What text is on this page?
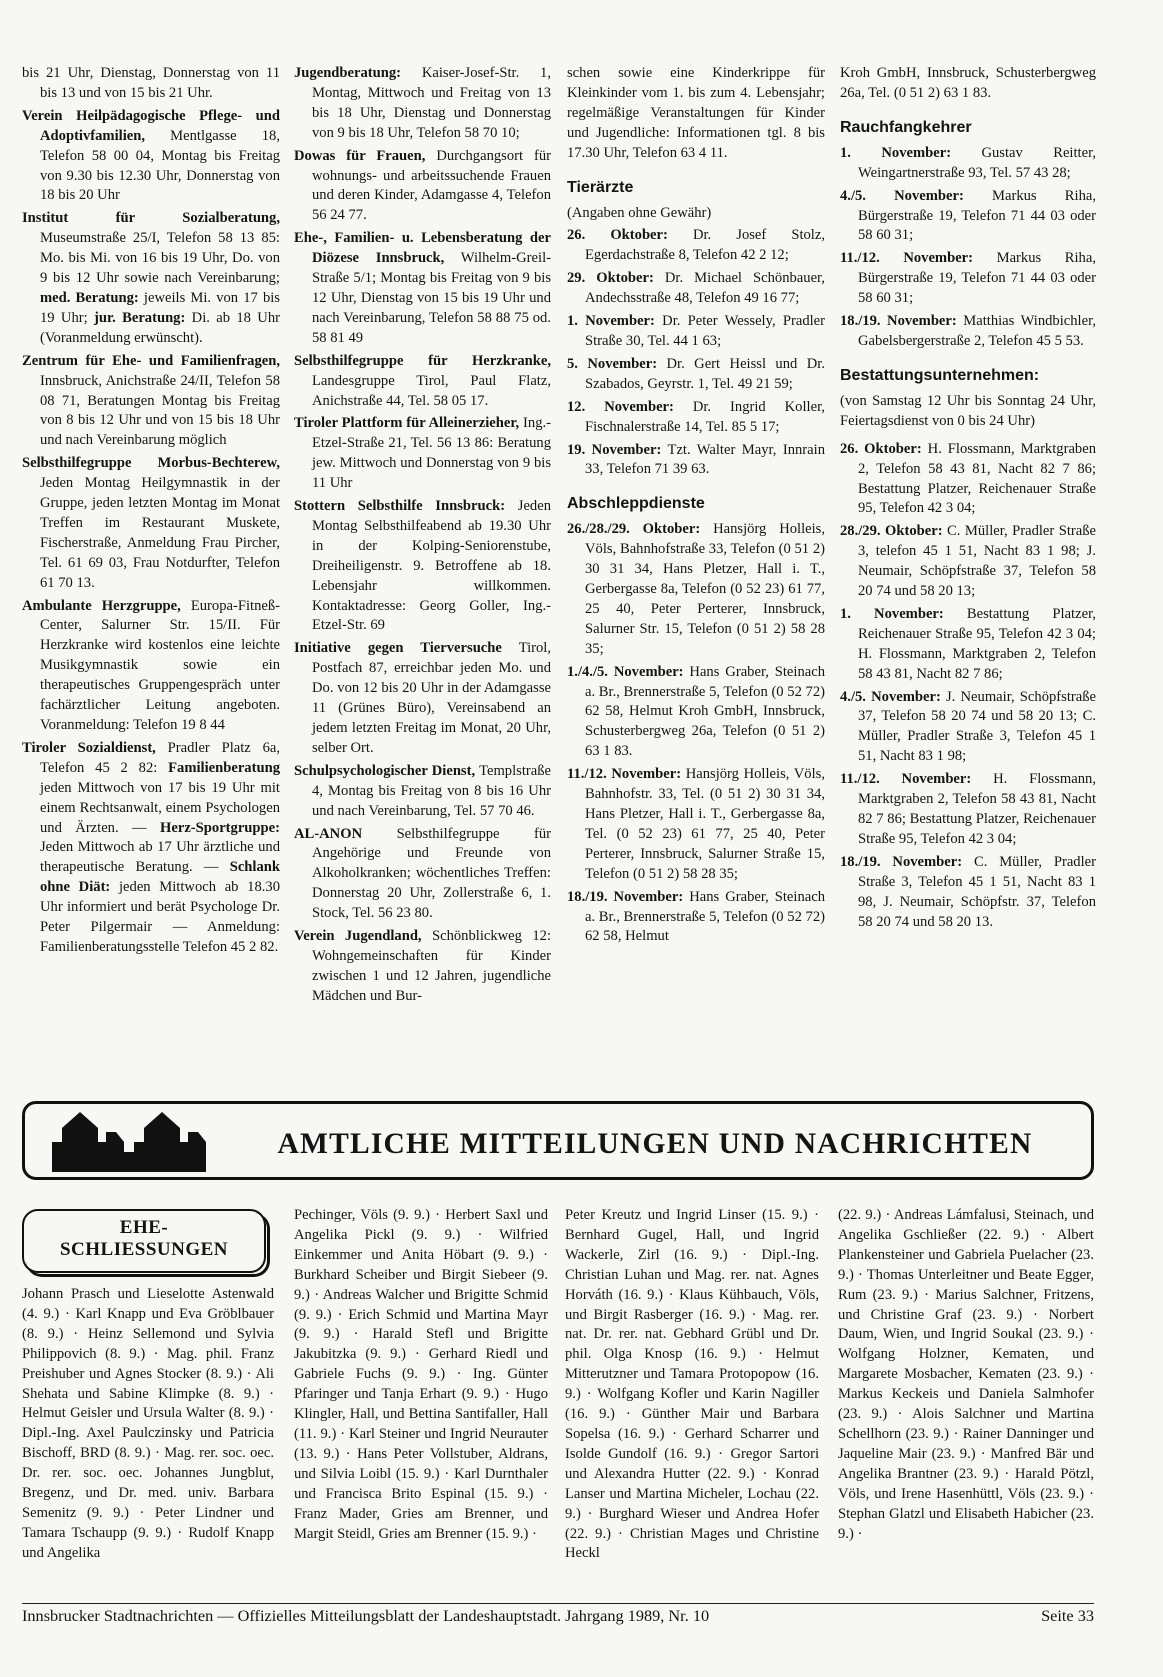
bis 21 Uhr, Dienstag, Donnerstag von 11 bis 13 und von 15 bis 21 Uhr.

Verein Heilpädagogische Pflege- und Adoptivfamilien, Mentlgasse 18, Telefon 58 00 04, Montag bis Freitag von 9.30 bis 12.30 Uhr, Donnerstag von 18 bis 20 Uhr

Institut für Sozialberatung, Museumstraße 25/I, Telefon 58 13 85: Mo. bis Mi. von 16 bis 19 Uhr, Do. von 9 bis 12 Uhr sowie nach Vereinbarung; med. Beratung: jeweils Mi. von 17 bis 19 Uhr; jur. Beratung: Di. ab 18 Uhr (Voranmeldung erwünscht).

Zentrum für Ehe- und Familienfragen, Innsbruck, Anichstraße 24/II, Telefon 58 08 71, Beratungen Montag bis Freitag von 8 bis 12 Uhr und von 15 bis 18 Uhr und nach Vereinbarung möglich

Selbsthilfegruppe Morbus-Bechterew, Jeden Montag Heilgymnastik in der Gruppe, jeden letzten Montag im Monat Treffen im Restaurant Muskete, Fischerstraße, Anmeldung Frau Pircher, Tel. 61 69 03, Frau Notdurfter, Telefon 61 70 13.

Ambulante Herzgruppe, Europa-Fitneß-Center, Salurner Str. 15/II. Für Herzkranke wird kostenlos eine leichte Musikgymnastik sowie ein therapeutisches Gruppengespräch unter fachärztlicher Leitung angeboten. Voranmeldung: Telefon 19 8 44

Tiroler Sozialdienst, Pradler Platz 6a, Telefon 45 2 82: Familienberatung jeden Mittwoch von 17 bis 19 Uhr mit einem Rechtsanwalt, einem Psychologen und Ärzten. — Herz-Sportgruppe: Jeden Mittwoch ab 17 Uhr ärztliche und therapeutische Beratung. — Schlank ohne Diät: jeden Mittwoch ab 18.30 Uhr informiert und berät Psychologe Dr. Peter Pilgermair — Anmeldung: Familienberatungsstelle Telefon 45 2 82.

Jugendberatung: Kaiser-Josef-Str. 1, Montag, Mittwoch und Freitag von 13 bis 18 Uhr, Dienstag und Donnerstag von 9 bis 18 Uhr, Telefon 58 70 10;

Dowas für Frauen, Durchgangsort für wohnungs- und arbeitssuchende Frauen und deren Kinder, Adamgasse 4, Telefon 56 24 77.

Ehe-, Familien- u. Lebensberatung der Diözese Innsbruck, Wilhelm-Greil-Straße 5/1; Montag bis Freitag von 9 bis 12 Uhr, Dienstag von 15 bis 19 Uhr und nach Vereinbarung, Telefon 58 88 75 od. 58 81 49

Selbsthilfegruppe für Herzkranke, Landesgruppe Tirol, Paul Flatz, Anichstraße 44, Tel. 58 05 17.

Tiroler Plattform für Alleinerzieher, Ing.-Etzel-Straße 21, Tel. 56 13 86: Beratung jew. Mittwoch und Donnerstag von 9 bis 11 Uhr

Stottern Selbsthilfe Innsbruck: Jeden Montag Selbsthilfeabend ab 19.30 Uhr in der Kolping-Seniorenstube, Dreiheiligenstr. 9. Betroffene ab 18. Lebensjahr willkommen. Kontaktadresse: Georg Goller, Ing.-Etzel-Str. 69

Initiative gegen Tierversuche Tirol, Postfach 87, erreichbar jeden Mo. und Do. von 12 bis 20 Uhr in der Adamgasse 11 (Grünes Büro), Vereinsabend an jedem letzten Freitag im Monat, 20 Uhr, selber Ort.

Schulpsychologischer Dienst, Templstraße 4, Montag bis Freitag von 8 bis 16 Uhr und nach Vereinbarung, Tel. 57 70 46.

AL-ANON Selbsthilfegruppe für Angehörige und Freunde von Alkoholkranken; wöchentliches Treffen: Donnerstag 20 Uhr, Zollerstraße 6, 1. Stock, Tel. 56 23 80.

Verein Jugendland, Schönblickweg 12: Wohngemeinschaften für Kinder zwischen 1 und 12 Jahren, jugendliche Mädchen und Bur-

schen sowie eine Kinderkrippe für Kleinkinder vom 1. bis zum 4. Lebensjahr; regelmäßige Veranstaltungen für Kinder und Jugendliche: Informationen tgl. 8 bis 17.30 Uhr, Telefon 63 4 11.

Tierärzte

(Angaben ohne Gewähr)

26. Oktober: Dr. Josef Stolz, Egerdachstraße 8, Telefon 42 2 12;

29. Oktober: Dr. Michael Schönbauer, Andechsstraße 48, Telefon 49 16 77;

1. November: Dr. Peter Wessely, Pradler Straße 30, Tel. 44 1 63;

5. November: Dr. Gert Heissl und Dr. Szabados, Geyrstr. 1, Tel. 49 21 59;

12. November: Dr. Ingrid Koller, Fischnalerstraße 14, Tel. 85 5 17;

19. November: Tzt. Walter Mayr, Innrain 33, Telefon 71 39 63.

Abschleppdienste

26./28./29. Oktober: Hansjörg Holleis, Völs, Bahnhofstraße 33, Telefon (0 51 2) 30 31 34, Hans Pletzer, Hall i. T., Gerbergasse 8a, Telefon (0 52 23) 61 77, 25 40, Peter Perterer, Innsbruck, Salurner Str. 15, Telefon (0 51 2) 58 28 35;

1./4./5. November: Hans Graber, Steinach a. Br., Brennerstraße 5, Telefon (0 52 72) 62 58, Helmut Kroh GmbH, Innsbruck, Schusterbergweg 26a, Telefon (0 51 2) 63 1 83.

11./12. November: Hansjörg Holleis, Völs, Bahnhofstr. 33, Tel. (0 51 2) 30 31 34, Hans Pletzer, Hall i. T., Gerbergasse 8a, Tel. (0 52 23) 61 77, 25 40, Peter Perterer, Innsbruck, Salurner Straße 15, Telefon (0 51 2) 58 28 35;

18./19. November: Hans Graber, Steinach a. Br., Brennerstraße 5, Telefon (0 52 72) 62 58, Helmut

Kroh GmbH, Innsbruck, Schusterbergweg 26a, Tel. (0 51 2) 63 1 83.

Rauchfangkehrer

1. November: Gustav Reitter, Weingartnerstraße 93, Tel. 57 43 28;

4./5. November: Markus Riha, Bürgerstraße 19, Telefon 71 44 03 oder 58 60 31;

11./12. November: Markus Riha, Bürgerstraße 19, Telefon 71 44 03 oder 58 60 31;

18./19. November: Matthias Windbichler, Gabelsbergerstraße 2, Telefon 45 5 53.

Bestattungsunternehmen:

(von Samstag 12 Uhr bis Sonntag 24 Uhr, Feiertagsdienst von 0 bis 24 Uhr)

26. Oktober: H. Flossmann, Marktgraben 2, Telefon 58 43 81, Nacht 82 7 86; Bestattung Platzer, Reichenauer Straße 95, Telefon 42 3 04;

28./29. Oktober: C. Müller, Pradler Straße 3, telefon 45 1 51, Nacht 83 1 98; J. Neumair, Schöpfstraße 37, Telefon 58 20 74 und 58 20 13;

1. November: Bestattung Platzer, Reichenauer Straße 95, Telefon 42 3 04; H. Flossmann, Marktgraben 2, Telefon 58 43 81, Nacht 82 7 86;

4./5. November: J. Neumair, Schöpfstraße 37, Telefon 58 20 74 und 58 20 13; C. Müller, Pradler Straße 3, Telefon 45 1 51, Nacht 83 1 98;

11./12. November: H. Flossmann, Marktgraben 2, Telefon 58 43 81, Nacht 82 7 86; Bestattung Platzer, Reichenauer Straße 95, Telefon 42 3 04;

18./19. November: C. Müller, Pradler Straße 3, Telefon 45 1 51, Nacht 83 1 98, J. Neumair, Schöpfstr. 37, Telefon 58 20 74 und 58 20 13.

AMTLICHE MITTEILUNGEN UND NACHRICHTEN
EHE-
SCHLIESSUNGEN

Johann Prasch und Lieselotte Astenwald (4. 9.) · Karl Knapp und Eva Gröblbauer (8. 9.) · Heinz Sellemond und Sylvia Philippovich (8. 9.) · Mag. phil. Franz Preishuber und Agnes Stocker (8. 9.) · Ali Shehata und Sabine Klimpke (8. 9.) · Helmut Geisler und Ursula Walter (8. 9.) · Dipl.-Ing. Axel Paulczinsky und Patricia Bischoff, BRD (8. 9.) · Mag. rer. soc. oec. Dr. rer. soc. oec. Johannes Jungblut, Bregenz, und Dr. med. univ. Barbara Semenitz (9. 9.) · Peter Lindner und Tamara Tschaupp (9. 9.) · Rudolf Knapp und Angelika

Pechinger, Völs (9. 9.) · Herbert Saxl und Angelika Pickl (9. 9.) · Wilfried Einkemmer und Anita Höbart (9. 9.) · Burkhard Scheiber und Birgit Siebeer (9. 9.) · Andreas Walcher und Brigitte Schmid (9. 9.) · Erich Schmid und Martina Mayr (9. 9.) · Harald Stefl und Brigitte Jakubitzka (9. 9.) · Gerhard Riedl und Gabriele Fuchs (9. 9.) · Ing. Günter Pfaringer und Tanja Erhart (9. 9.) · Hugo Klingler, Hall, und Bettina Santifaller, Hall (11. 9.) · Karl Steiner und Ingrid Neurauter (13. 9.) · Hans Peter Vollstuber, Aldrans, und Silvia Loibl (15. 9.) · Karl Durnthaler und Francisca Brito Espinal (15. 9.) · Franz Mader, Gries am Brenner, und Margit Steidl, Gries am Brenner (15. 9.) ·

Peter Kreutz und Ingrid Linser (15. 9.) · Bernhard Gugel, Hall, und Ingrid Wackerle, Zirl (16. 9.) · Dipl.-Ing. Christian Luhan und Mag. rer. nat. Agnes Horváth (16. 9.) · Klaus Kühbauch, Völs, und Birgit Rasberger (16. 9.) · Mag. rer. nat. Dr. rer. nat. Gebhard Grübl und Dr. phil. Olga Knosp (16. 9.) · Helmut Mitterutzner und Tamara Protopopow (16. 9.) · Wolfgang Kofler und Karin Nagiller (16. 9.) · Günther Mair und Barbara Sopelsa (16. 9.) · Gerhard Scharrer und Isolde Gundolf (16. 9.) · Gregor Sartori und Alexandra Hutter (22. 9.) · Konrad Lanser und Martina Micheler, Lochau (22. 9.) · Burghard Wieser und Andrea Hofer (22. 9.) · Christian Mages und Christine Heckl

(22. 9.) · Andreas Lámfalusi, Steinach, und Angelika Gschließer (22. 9.) · Albert Plankensteiner und Gabriela Puelacher (23. 9.) · Thomas Unterleitner und Beate Egger, Rum (23. 9.) · Marius Salchner, Fritzens, und Christine Graf (23. 9.) · Norbert Daum, Wien, und Ingrid Soukal (23. 9.) · Wolfgang Holzner, Kematen, und Margarete Mosbacher, Kematen (23. 9.) · Markus Keckeis und Daniela Salmhofer (23. 9.) · Alois Salchner und Martina Schellhorn (23. 9.) · Rainer Danninger und Jaqueline Mair (23. 9.) · Manfred Bär und Angelika Brantner (23. 9.) · Harald Pötzl, Völs, und Irene Hasenhüttl, Völs (23. 9.) · Stephan Glatzl und Elisabeth Habicher (23. 9.) ·

Innsbrucker Stadtnachrichten — Offizielles Mitteilungsblatt der Landeshauptstadt. Jahrgang 1989, Nr. 10	Seite 33
